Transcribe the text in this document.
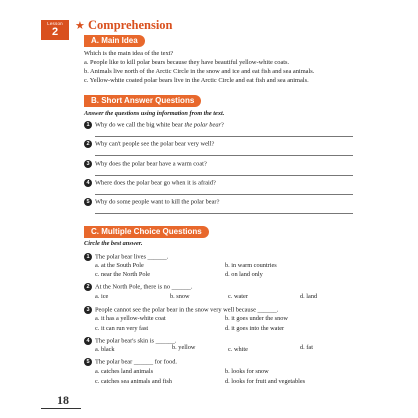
Lesson
2	★ Comprehension
A. Main Idea
Which is the main idea of the text?
a. People like to kill polar bears because they have beautiful yellow-white coats.
b. Animals live north of the Arctic Circle in the snow and ice and eat fish and sea animals.
c. Yellow-white coated polar bears live in the Arctic Circle and eat fish and sea animals.
B. Short Answer Questions
Answer the questions using information from the text.
1 Why do we call the big white bear the polar bear?
2 Why can't people see the polar bear very well?
3 Why does the polar bear have a warm coat?
4 Where does the polar bear go when it is afraid?
5 Why do some people want to kill the polar bear?
C. Multiple Choice Questions
Circle the best answer.
1 The polar bear lives ______.
a. at the South Pole	b. in warm countries
c. near the North Pole	d. on land only
2 At the North Pole, there is no ______.
a. ice	b. snow	c. water	d. land
3 People cannot see the polar bear in the snow very well because ______.
a. it has a yellow-white coat	b. it goes under the snow
c. it can run very fast	d. it goes into the water
4 The polar bear's skin is ______.
a. black	b. yellow	c. white	d. fat
5 The polar bear ______ for food.
a. catches land animals	b. looks for snow
c. catches sea animals and fish	d. looks for fruit and vegetables
18
